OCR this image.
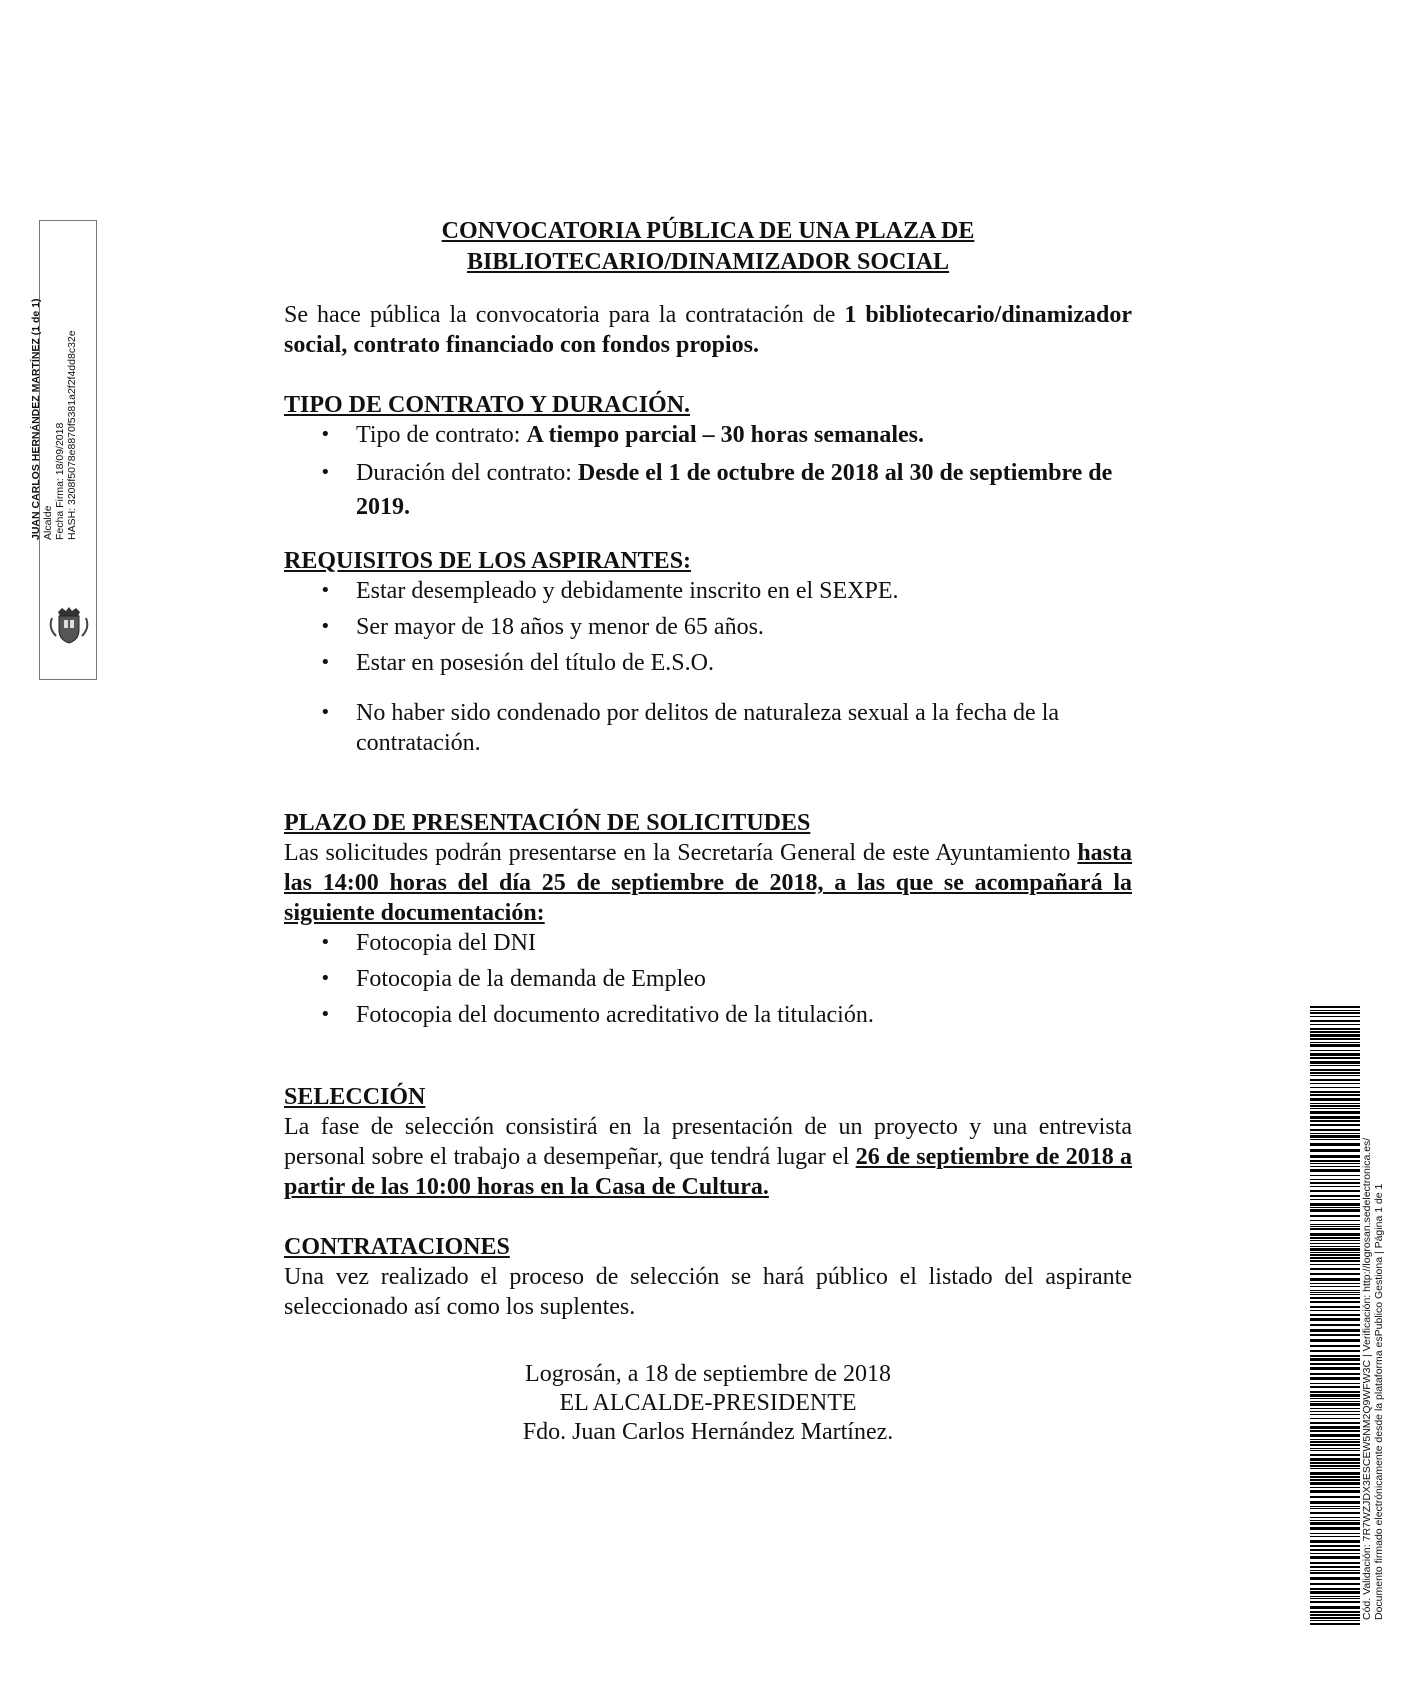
JUAN CARLOS HERNÁNDEZ MARTÍNEZ (1 de 1) Alcalde Fecha Firma: 18/09/2018 HASH: 3208f5078e8870f5381a2f2f4dd8c32e
CONVOCATORIA PÚBLICA DE UNA PLAZA DE
BIBLIOTECARIO/DINAMIZADOR SOCIAL

Se hace pública la convocatoria para la contratación de 1 bibliotecario/dinamizador social, contrato financiado con fondos propios.

TIPO DE CONTRATO Y DURACIÓN.
• Tipo de contrato: A tiempo parcial – 30 horas semanales.
• Duración del contrato: Desde el 1 de octubre de 2018 al 30 de septiembre de 2019.
REQUISITOS DE LOS ASPIRANTES:
• Estar desempleado y debidamente inscrito en el SEXPE.
• Ser mayor de 18 años y menor de 65 años.
• Estar en posesión del título de E.S.O.
• No haber sido condenado por delitos de naturaleza sexual a la fecha de la contratación.
PLAZO DE PRESENTACIÓN DE SOLICITUDES

Las solicitudes podrán presentarse en la Secretaría General de este Ayuntamiento hasta las 14:00 horas del día 25 de septiembre de 2018, a las que se acompañará la siguiente documentación:

• Fotocopia del DNI
• Fotocopia de la demanda de Empleo
• Fotocopia del documento acreditativo de la titulación.
SELECCIÓN

La fase de selección consistirá en la presentación de un proyecto y una entrevista personal sobre el trabajo a desempeñar, que tendrá lugar el 26 de septiembre de 2018 a partir de las 10:00 horas en la Casa de Cultura.

CONTRATACIONES

Una vez realizado el proceso de selección se hará público el listado del aspirante seleccionado así como los suplentes.

Logrosán, a 18 de septiembre de 2018
EL ALCALDE-PRESIDENTE
Fdo. Juan Carlos Hernández Martínez.	Cód. Validación: 7R7WZJDX3ESCEW5NM2Q9WFW3C | Verificación: http://logrosan.sedelectronica.es/ Documento firmado electrónicamente desde la plataforma esPublico Gestiona | Página 1 de 1
